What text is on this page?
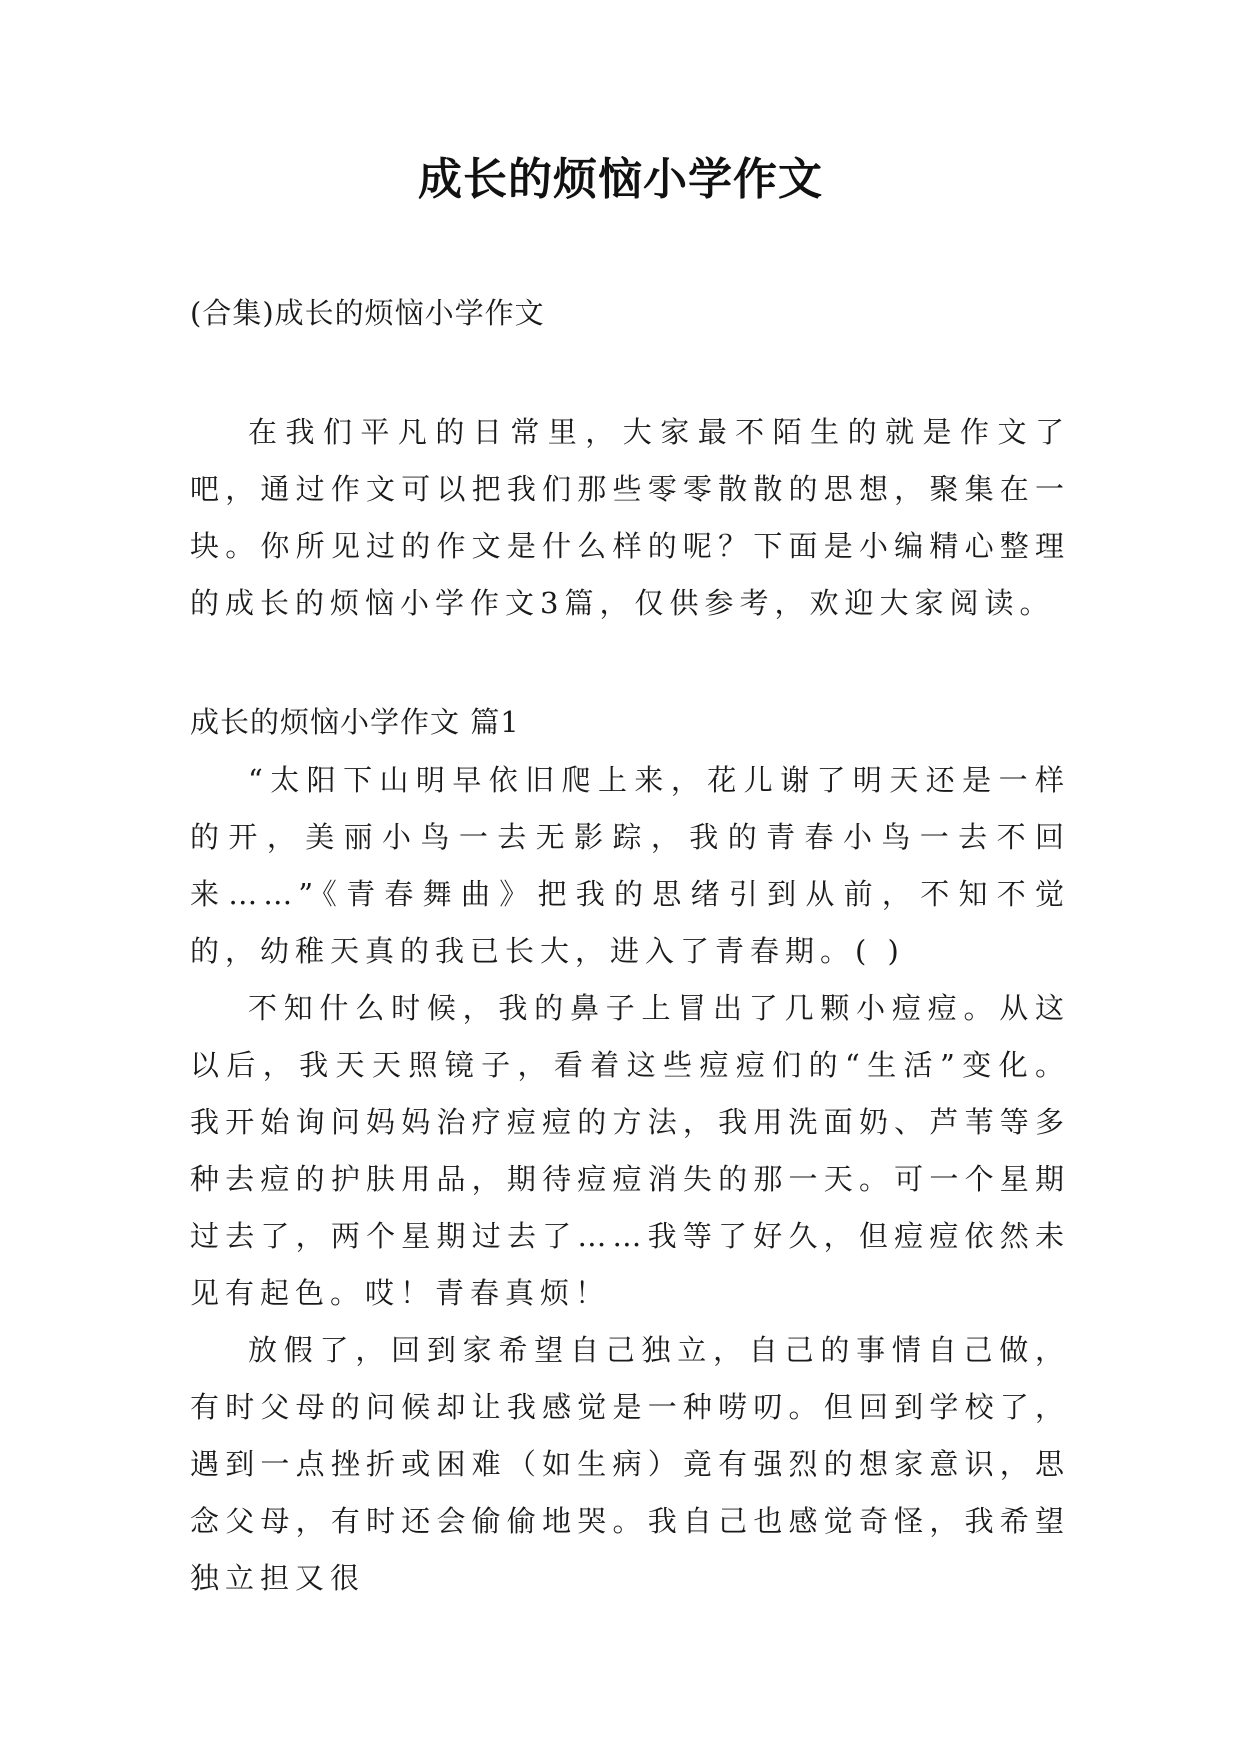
成长的烦恼小学作文

(合集)成长的烦恼小学作文

在我们平凡的日常里，大家最不陌生的就是作文了吧，通过作文可以把我们那些零零散散的思想，聚集在一块。你所见过的作文是什么样的呢？下面是小编精心整理的成长的烦恼小学作文3篇，仅供参考，欢迎大家阅读。

成长的烦恼小学作文 篇1

“太阳下山明早依旧爬上来，花儿谢了明天还是一样的开，美丽小鸟一去无影踪，我的青春小鸟一去不回来……”《青春舞曲》把我的思绪引到从前，不知不觉的，幼稚天真的我已长大，进入了青春期。( )

不知什么时候，我的鼻子上冒出了几颗小痘痘。从这以后，我天天照镜子，看着这些痘痘们的“生活”变化。我开始询问妈妈治疗痘痘的方法，我用洗面奶、芦苇等多种去痘的护肤用品，期待痘痘消失的那一天。可一个星期过去了，两个星期过去了……我等了好久，但痘痘依然未见有起色。哎！青春真烦！

放假了，回到家希望自己独立，自己的事情自己做，有时父母的问候却让我感觉是一种唠叨。但回到学校了，遇到一点挫折或困难（如生病）竟有强烈的想家意识，思念父母，有时还会偷偷地哭。我自己也感觉奇怪，我希望独立担又很
